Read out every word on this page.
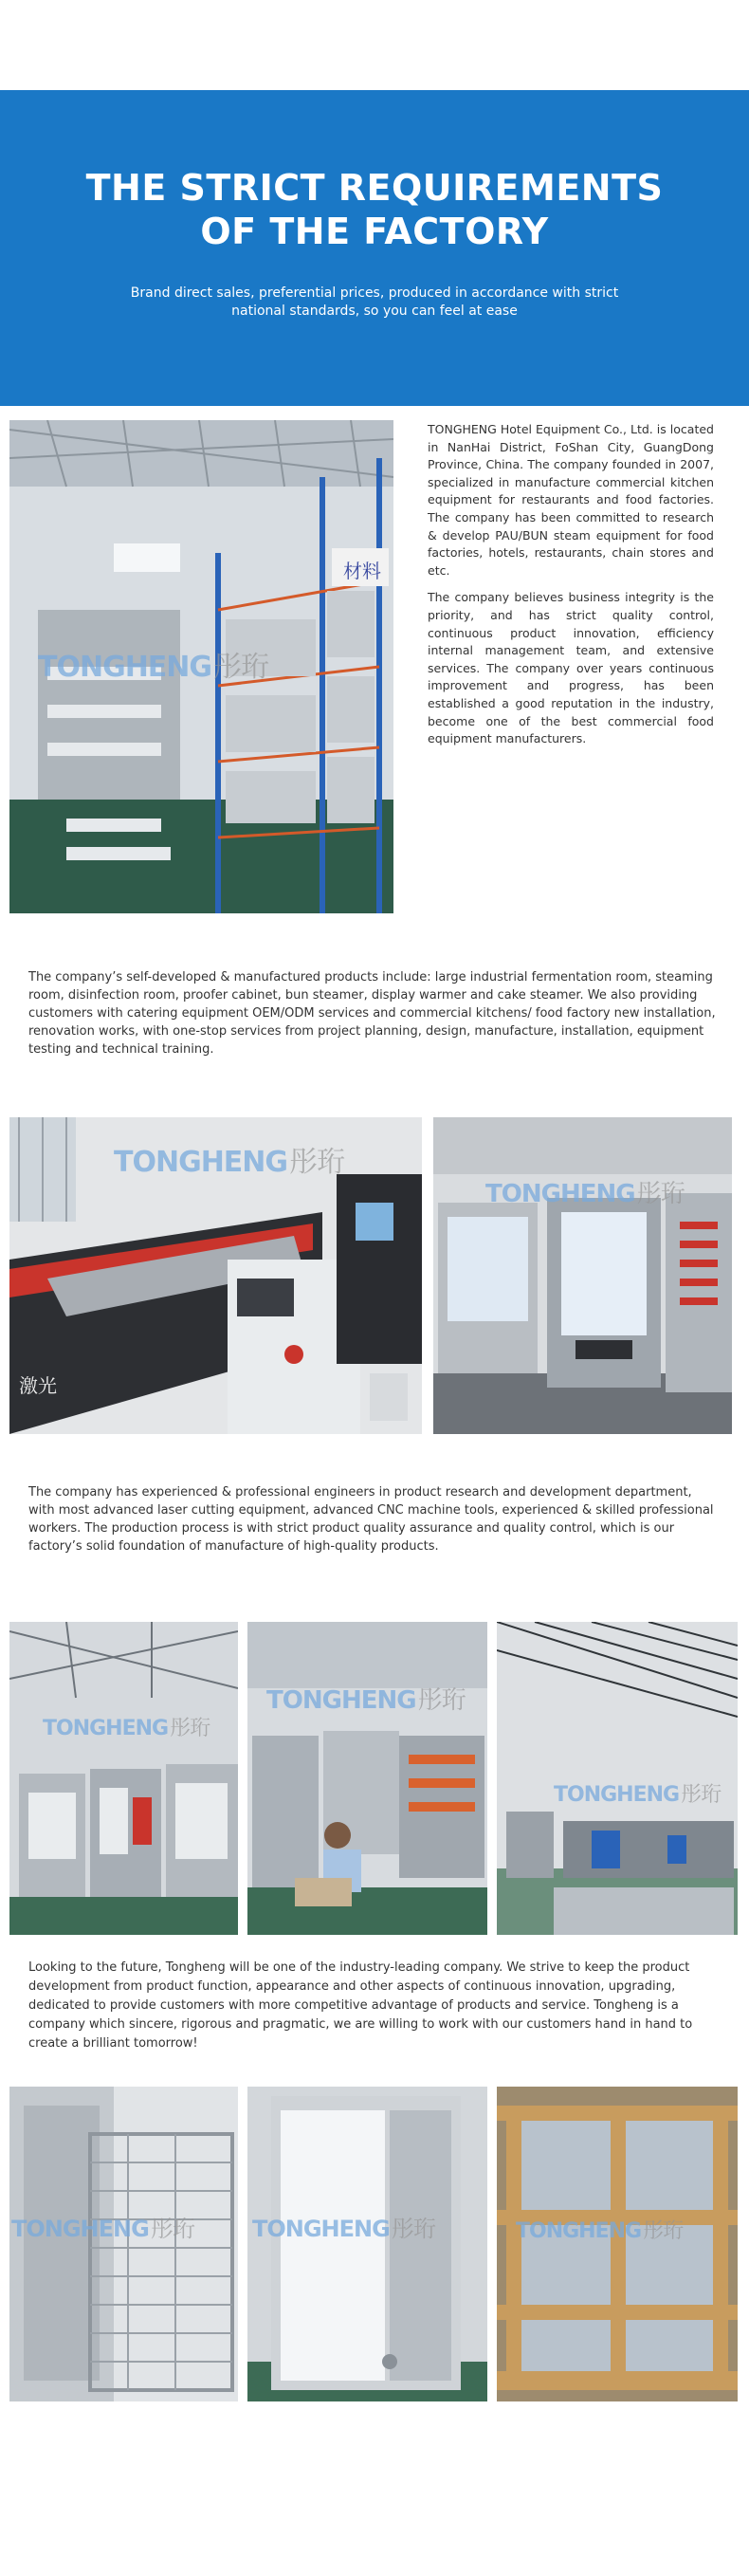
THE STRICT REQUIREMENTS
OF THE FACTORY

Brand direct sales, preferential prices, produced in accordance with strict national standards, so you can feel at ease

材料
TONGHENG彤珩

TONGHENG Hotel Equipment Co., Ltd. is located in NanHai District, FoShan City, GuangDong Province, China. The company founded in 2007, specialized in manufacture commercial kitchen equipment for restaurants and food factories. The company has been committed to research & develop PAU/BUN steam equipment for food factories, hotels, restaurants, chain stores and etc.

The company believes business integrity is the priority, and has strict quality control, continuous product innovation, efficiency internal management team, and extensive services. The company over years continuous improvement and progress, has been established a good reputation in the industry, become one of the best commercial food equipment manufacturers.

The company’s self-developed & manufactured products include: large industrial fermentation room, steaming room, disinfection room, proofer cabinet, bun steamer, display warmer and cake steamer. We also providing customers with catering equipment OEM/ODM services and commercial kitchens/ food factory new installation, renovation works, with one-stop services from project planning, design, manufacture, installation, equipment testing and technical training.

激光
TONGHENG彤珩
TONGHENG彤珩

The company has experienced & professional engineers in product research and development department, with most advanced laser cutting equipment, advanced CNC machine tools, experienced & skilled professional workers. The production process is with strict product quality assurance and quality control, which is our factory’s solid foundation of manufacture of high-quality products.

TONGHENG彤珩
TONGHENG彤珩
TONGHENG彤珩

Looking to the future, Tongheng will be one of the industry-leading company. We strive to keep the product development from product function, appearance and other aspects of continuous innovation, upgrading, dedicated to provide customers with more competitive advantage of products and service. Tongheng is a company which sincere, rigorous and pragmatic, we are willing to work with our customers hand in hand to create a brilliant tomorrow!

TONGHENG彤珩	TONGHENG彤珩	TONGHENG彤珩
